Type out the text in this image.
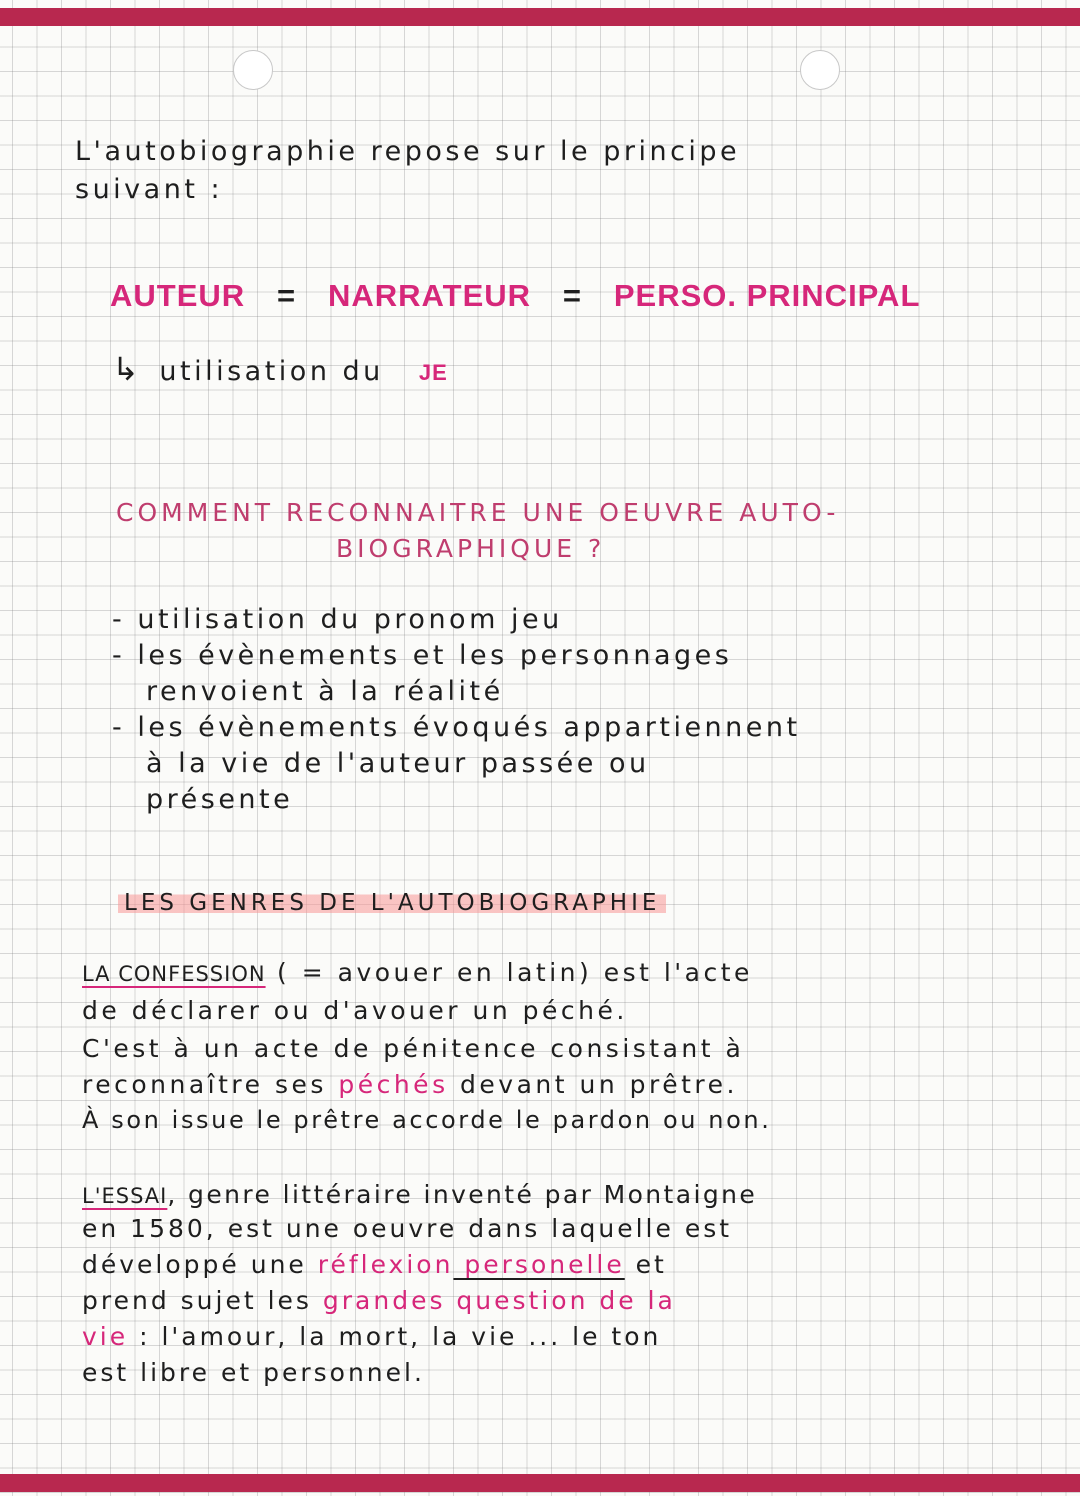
L'autobiographie repose sur le principe

suivant :

AUTEUR = NARRATEUR = PERSO. PRINCIPAL
↳ utilisation du JE

COMMENT RECONNAITRE UNE OEUVRE AUTO-

BIOGRAPHIQUE ?

- utilisation du pronom jeu

- les évènements et les personnages

renvoient à la réalité

- les évènements évoqués appartiennent

à la vie de l'auteur passée ou

présente

LES GENRES DE L'AUTOBIOGRAPHIE

LA CONFESSION ( = avouer en latin) est l'acte

de déclarer ou d'avouer un péché.

C'est à un acte de pénitence consistant à

reconnaître ses péchés devant un prêtre.

À son issue le prêtre accorde le pardon ou non.

L'ESSAI, genre littéraire inventé par Montaigne

en 1580, est une oeuvre dans laquelle est

développé une réflexion personelle et
prend sujet les grandes question de la
vie : l'amour, la mort, la vie ... le ton

est libre et personnel.
